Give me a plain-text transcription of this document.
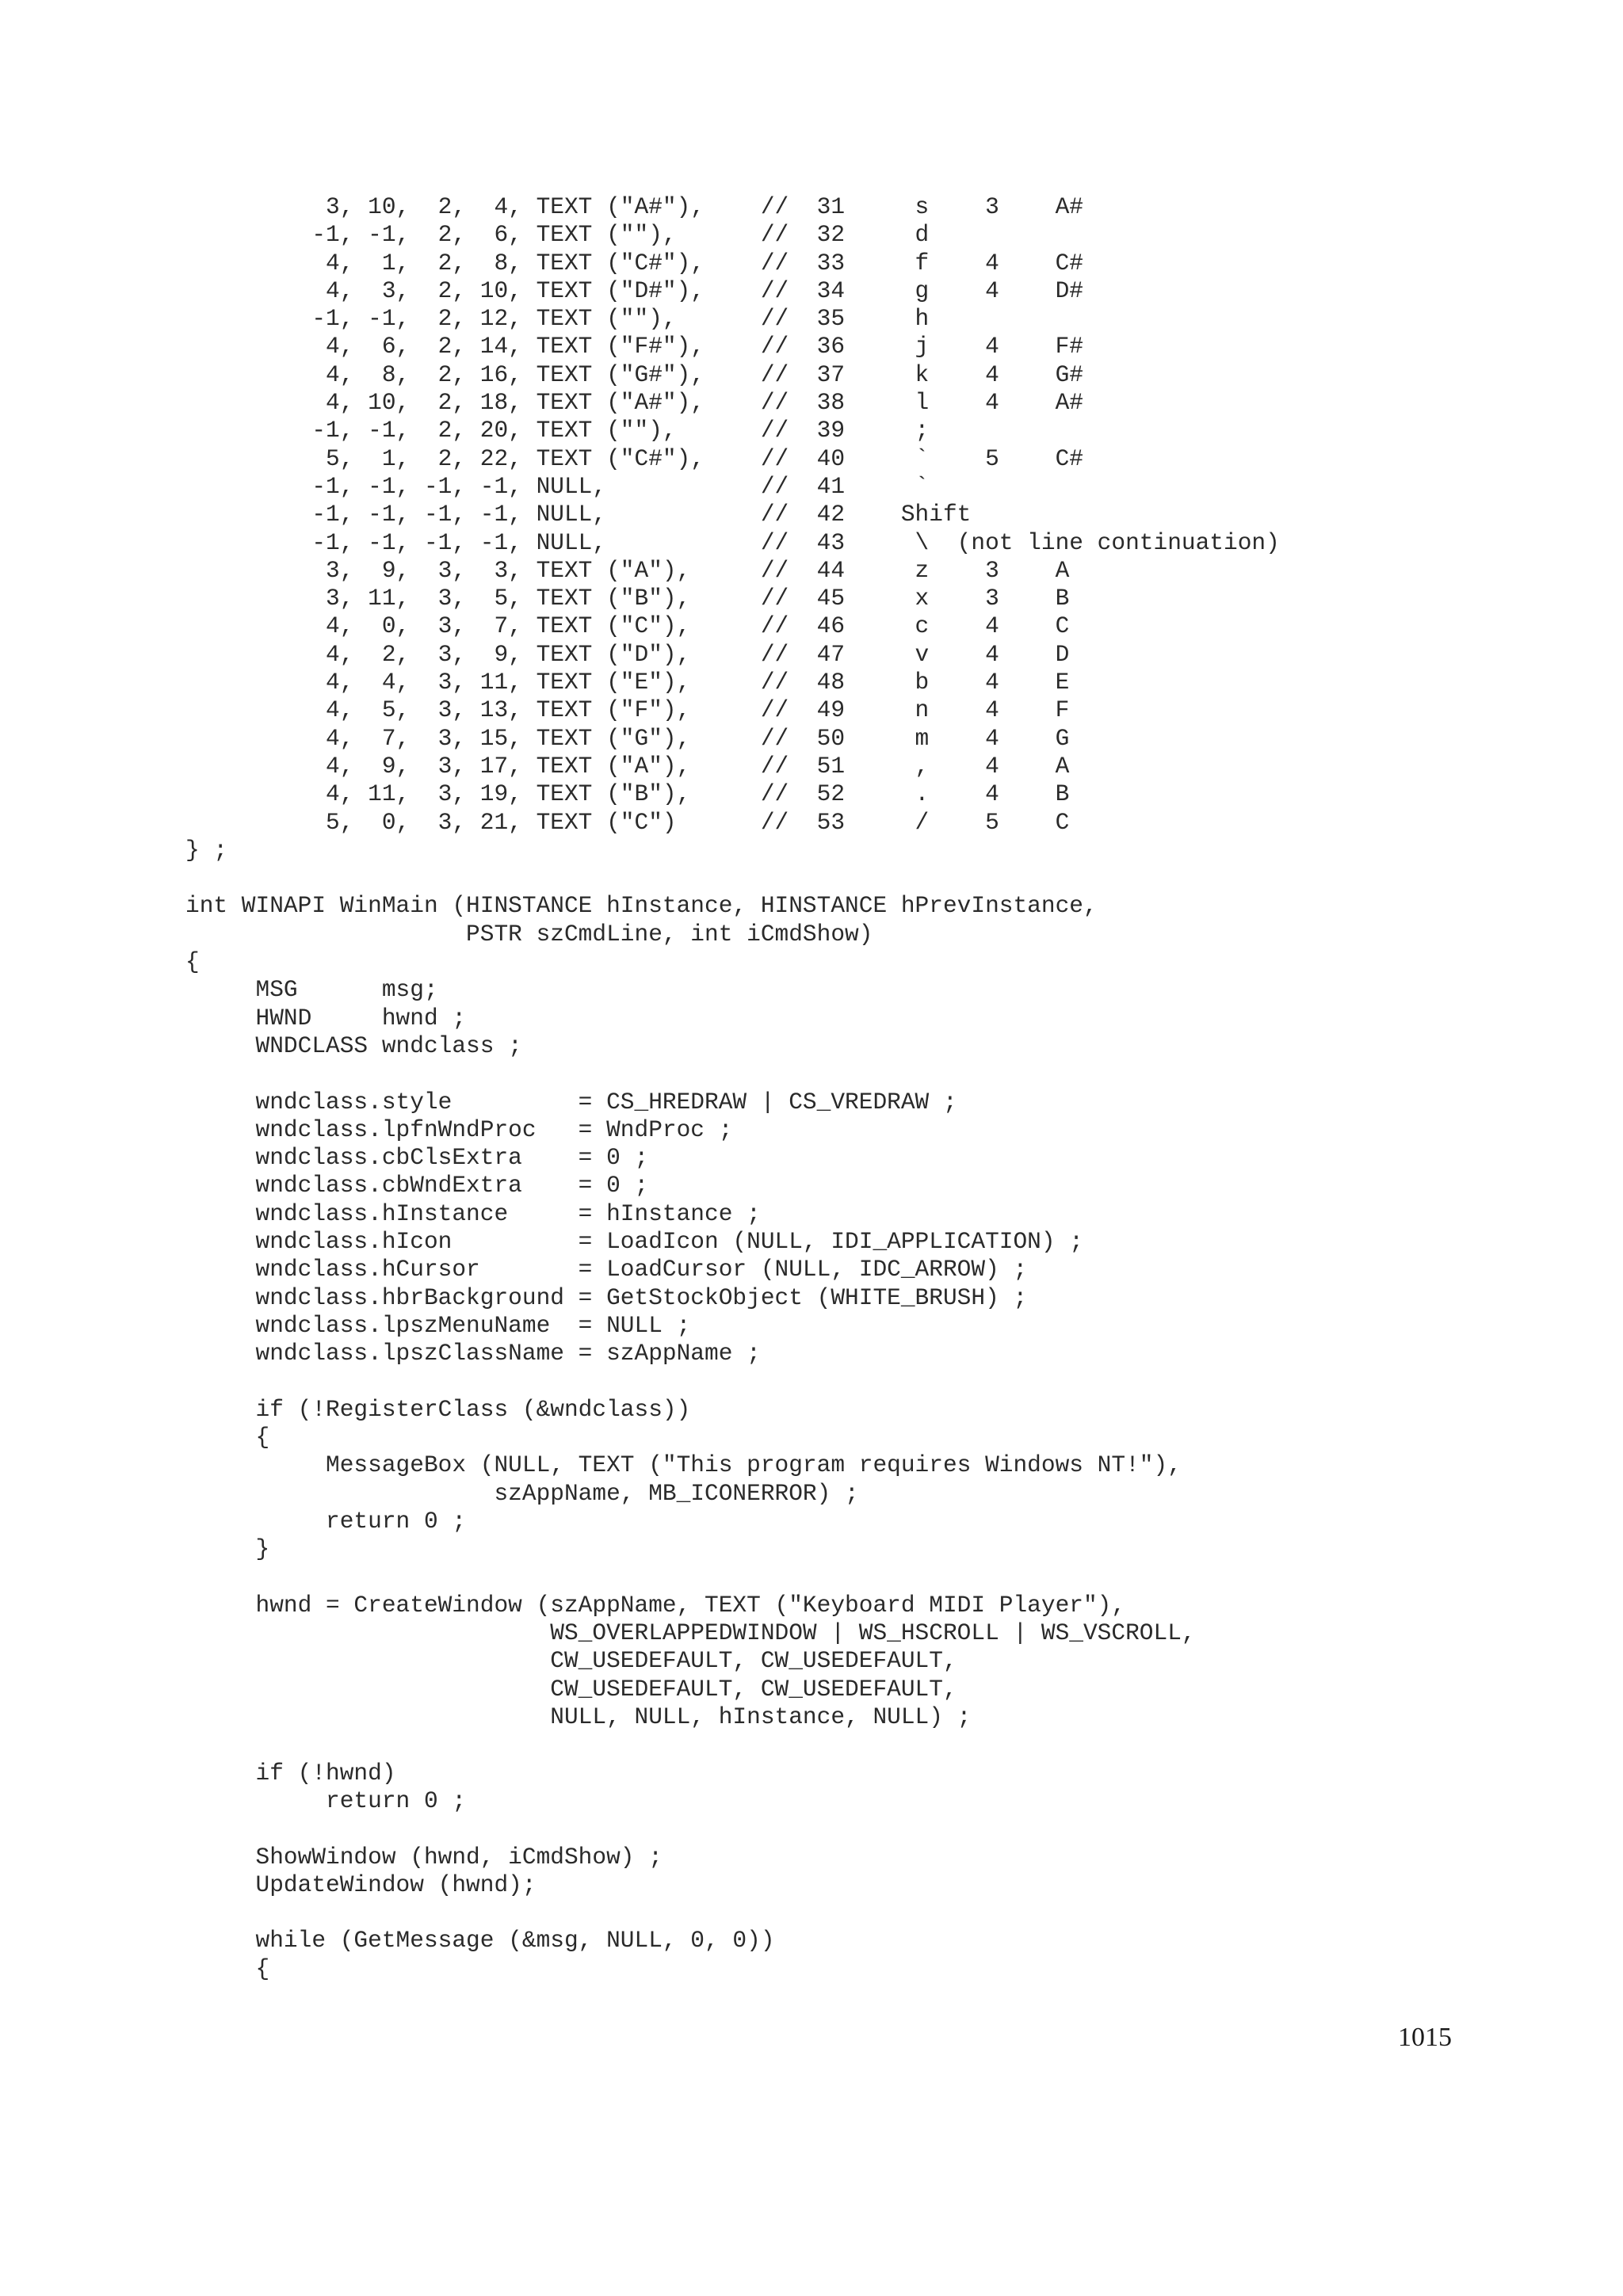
3, 10,  2,  4, TEXT ("A#"),    //  31     s    3    A#
-1, -1,  2,  6, TEXT (""),      //  32     d
4,  1,  2,  8, TEXT ("C#"),    //  33     f    4    C#
4,  3,  2, 10, TEXT ("D#"),    //  34     g    4    D#
-1, -1,  2, 12, TEXT (""),      //  35     h
4,  6,  2, 14, TEXT ("F#"),    //  36     j    4    F#
4,  8,  2, 16, TEXT ("G#"),    //  37     k    4    G#
4, 10,  2, 18, TEXT ("A#"),    //  38     l    4    A#
-1, -1,  2, 20, TEXT (""),      //  39     ;
5,  1,  2, 22, TEXT ("C#"),    //  40     `    5    C#
-1, -1, -1, -1, NULL,           //  41     `
-1, -1, -1, -1, NULL,           //  42    Shift
-1, -1, -1, -1, NULL,           //  43     \  (not line continuation)
3,  9,  3,  3, TEXT ("A"),     //  44     z    3    A
3, 11,  3,  5, TEXT ("B"),     //  45     x    3    B
4,  0,  3,  7, TEXT ("C"),     //  46     c    4    C
4,  2,  3,  9, TEXT ("D"),     //  47     v    4    D
4,  4,  3, 11, TEXT ("E"),     //  48     b    4    E
4,  5,  3, 13, TEXT ("F"),     //  49     n    4    F
4,  7,  3, 15, TEXT ("G"),     //  50     m    4    G
4,  9,  3, 17, TEXT ("A"),     //  51     ,    4    A
4, 11,  3, 19, TEXT ("B"),     //  52     .    4    B
5,  0,  3, 21, TEXT ("C")      //  53     /    5    C
} ;

int WINAPI WinMain (HINSTANCE hInstance, HINSTANCE hPrevInstance,
PSTR szCmdLine, int iCmdShow)
{
MSG      msg;
HWND     hwnd ;
WNDCLASS wndclass ;

wndclass.style         = CS_HREDRAW | CS_VREDRAW ;
wndclass.lpfnWndProc   = WndProc ;
wndclass.cbClsExtra    = 0 ;
wndclass.cbWndExtra    = 0 ;
wndclass.hInstance     = hInstance ;
wndclass.hIcon         = LoadIcon (NULL, IDI_APPLICATION) ;
wndclass.hCursor       = LoadCursor (NULL, IDC_ARROW) ;
wndclass.hbrBackground = GetStockObject (WHITE_BRUSH) ;
wndclass.lpszMenuName  = NULL ;
wndclass.lpszClassName = szAppName ;

if (!RegisterClass (&wndclass))
{
MessageBox (NULL, TEXT ("This program requires Windows NT!"),
szAppName, MB_ICONERROR) ;
return 0 ;
}

hwnd = CreateWindow (szAppName, TEXT ("Keyboard MIDI Player"),
WS_OVERLAPPEDWINDOW | WS_HSCROLL | WS_VSCROLL,
CW_USEDEFAULT, CW_USEDEFAULT,
CW_USEDEFAULT, CW_USEDEFAULT,
NULL, NULL, hInstance, NULL) ;

if (!hwnd)
return 0 ;

ShowWindow (hwnd, iCmdShow) ;
UpdateWindow (hwnd);

while (GetMessage (&msg, NULL, 0, 0))
{
1015
